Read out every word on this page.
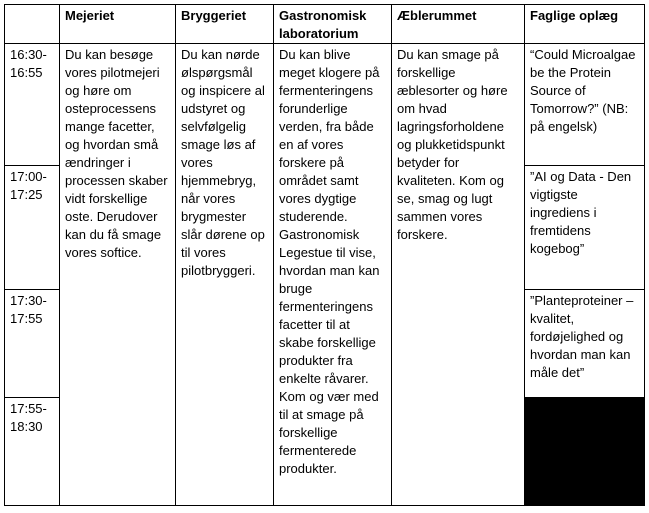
	Mejeriet	Bryggeriet	Gastronomisk laboratorium	Æblerummet	Faglige oplæg
16:30-16:55	Du kan besøge vores pilotmejeri og høre om osteprocessens mange facetter, og hvordan små ændringer i processen skaber vidt forskellige oste. Derudover kan du få smage vores softice.	Du kan nørde ølspørgsmål og inspicere al udstyret og selvfølgelig smage løs af vores hjemmebryg, når vores brygmester slår dørene op til vores pilotbryggeri.	Du kan blive meget klogere på fermenteringens forunderlige verden, fra både en af vores forskere på området samt vores dygtige studerende. Gastronomisk Legestue til vise, hvordan man kan bruge fermenteringens facetter til at skabe forskellige produkter fra enkelte råvarer. Kom og vær med til at smage på forskellige fermenterede produkter.	Du kan smage på forskellige æblesorter og høre om hvad lagringsforholdene og plukketidspunkt betyder for kvaliteten. Kom og se, smag og lugt sammen vores forskere.	“Could Microalgae be the Protein Source of Tomorrow?” (NB: på engelsk)
17:00-17:25					”AI og Data - Den vigtigste ingrediens i fremtidens kogebog”
17:30-17:55					”Planteproteiner – kvalitet, fordøjelighed og hvordan man kan måle det”
17:55-18:30					
